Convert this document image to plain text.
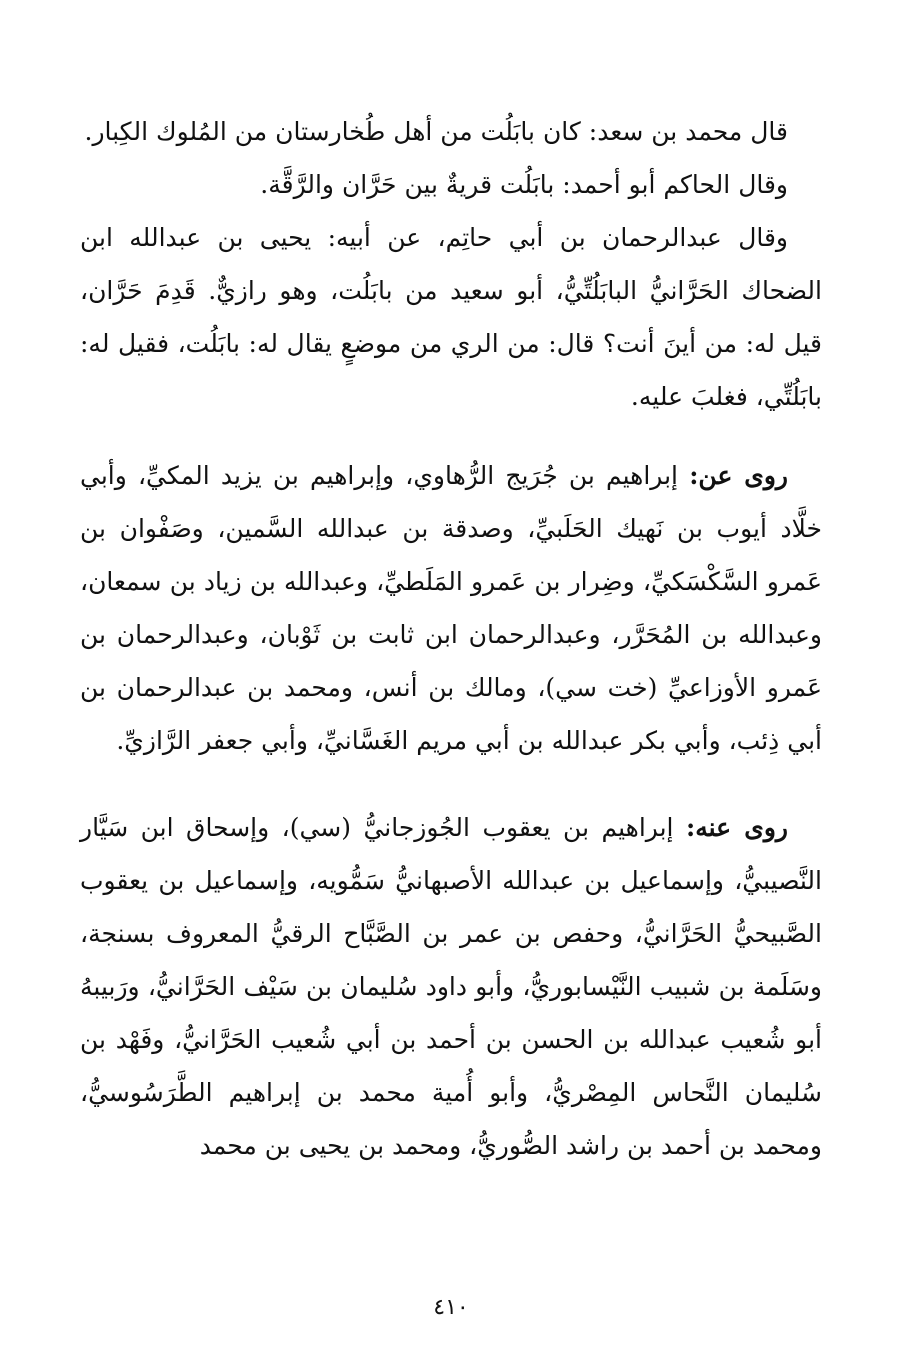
قال محمد بن سعد: كان بابَلُت من أهل طُخارستان من المُلوك الكِبار.

وقال الحاكم أبو أحمد: بابَلُت قريةٌ بين حَرَّان والرَّقَّة.

وقال عبدالرحمان بن أبي حاتِم، عن أبيه: يحيى بن عبدالله ابن الضحاك الحَرَّانيُّ البابَلُتِّيُّ، أبو سعيد من بابَلُت، وهو رازيٌّ. قَدِمَ حَرَّان، قيل له: من أينَ أنت؟ قال: من الري من موضعٍ يقال له: بابَلُت، فقيل له: بابَلُتِّي، فغلبَ عليه.

روى عن: إبراهيم بن جُرَيج الرُّهاوي، وإبراهيم بن يزيد المكيِّ، وأبي خلَّاد أيوب بن نَهيك الحَلَبيِّ، وصدقة بن عبدالله السَّمين، وصَفْوان بن عَمرو السَّكْسَكيِّ، وضِرار بن عَمرو المَلَطيِّ، وعبدالله بن زياد بن سمعان، وعبدالله بن المُحَرَّر، وعبدالرحمان ابن ثابت بن ثَوْبان، وعبدالرحمان بن عَمرو الأوزاعيِّ (خت سي)، ومالك بن أنس، ومحمد بن عبدالرحمان بن أبي ذِئب، وأبي بكر عبدالله بن أبي مريم الغَسَّانيِّ، وأبي جعفر الرَّازيِّ.

روى عنه: إبراهيم بن يعقوب الجُوزجانيُّ (سي)، وإسحاق ابن سَيَّار النَّصيبيُّ، وإسماعيل بن عبدالله الأصبهانيُّ سَمُّويه، وإسماعيل بن يعقوب الصَّبيحيُّ الحَرَّانيُّ، وحفص بن عمر بن الصَّبَّاح الرقيُّ المعروف بسنجة، وسَلَمة بن شبيب النَّيْسابوريُّ، وأبو داود سُليمان بن سَيْف الحَرَّانيُّ، ورَبيبهُ أبو شُعيب عبدالله بن الحسن بن أحمد بن أبي شُعيب الحَرَّانيُّ، وفَهْد بن سُليمان النَّحاس المِصْريُّ، وأبو أُمية محمد بن إبراهيم الطَّرَسُوسيُّ، ومحمد بن أحمد بن راشد الصُّوريُّ، ومحمد بن يحيى بن محمد

٤١٠
